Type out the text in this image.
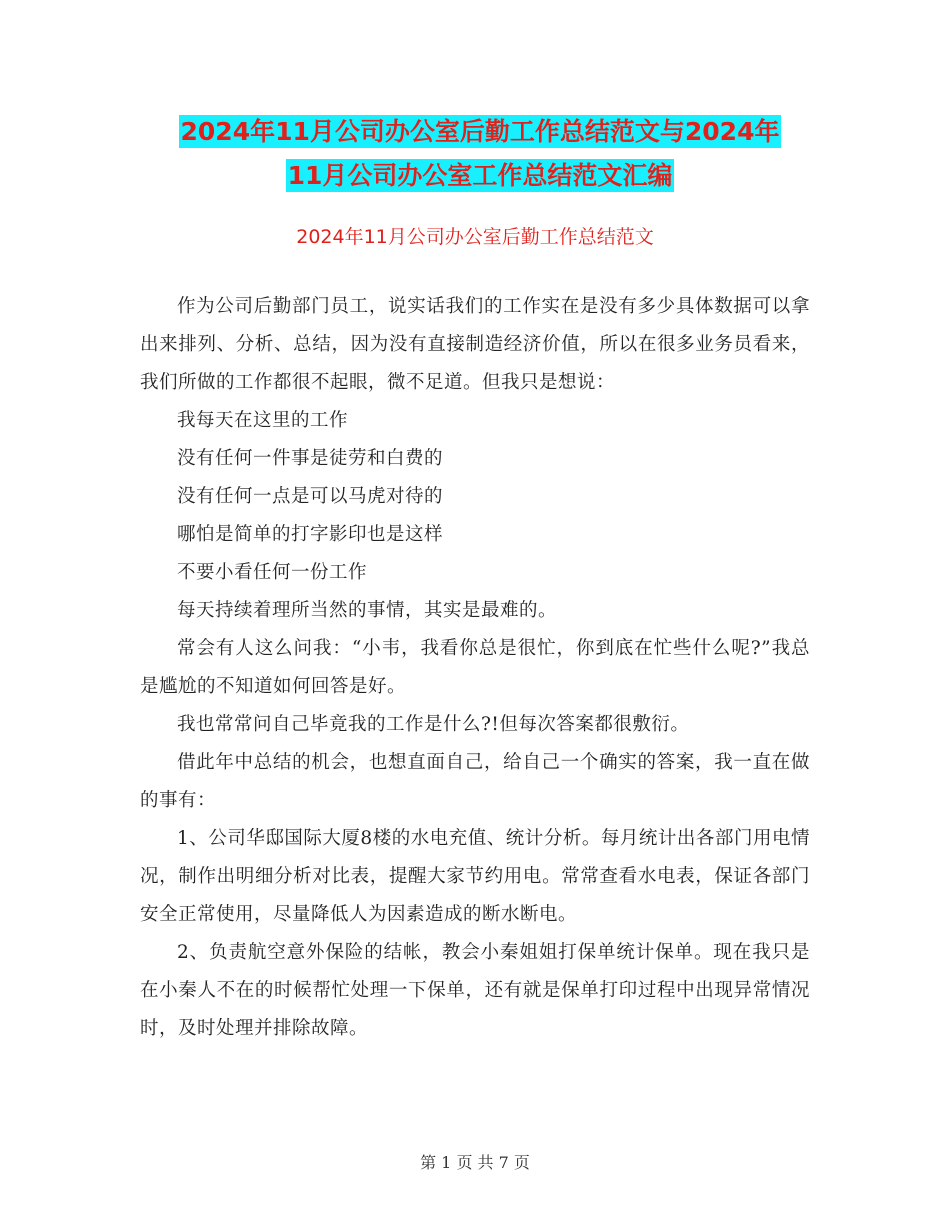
2024年11月公司办公室后勤工作总结范文与2024年
11月公司办公室工作总结范文汇编
2024年11月公司办公室后勤工作总结范文

作为公司后勤部门员工，说实话我们的工作实在是没有多少具体数据可以拿出来排列、分析、总结，因为没有直接制造经济价值，所以在很多业务员看来，我们所做的工作都很不起眼，微不足道。但我只是想说：

我每天在这里的工作

没有任何一件事是徒劳和白费的

没有任何一点是可以马虎对待的

哪怕是简单的打字影印也是这样

不要小看任何一份工作

每天持续着理所当然的事情，其实是最难的。

常会有人这么问我：“小韦，我看你总是很忙，你到底在忙些什么呢?”我总是尴尬的不知道如何回答是好。

我也常常问自己毕竟我的工作是什么?!但每次答案都很敷衍。

借此年中总结的机会，也想直面自己，给自己一个确实的答案，我一直在做的事有：

1、公司华邸国际大厦8楼的水电充值、统计分析。每月统计出各部门用电情况，制作出明细分析对比表，提醒大家节约用电。常常查看水电表，保证各部门安全正常使用，尽量降低人为因素造成的断水断电。

2、负责航空意外保险的结帐，教会小秦姐姐打保单统计保单。现在我只是在小秦人不在的时候帮忙处理一下保单，还有就是保单打印过程中出现异常情况时，及时处理并排除故障。

第 1 页 共 7 页
